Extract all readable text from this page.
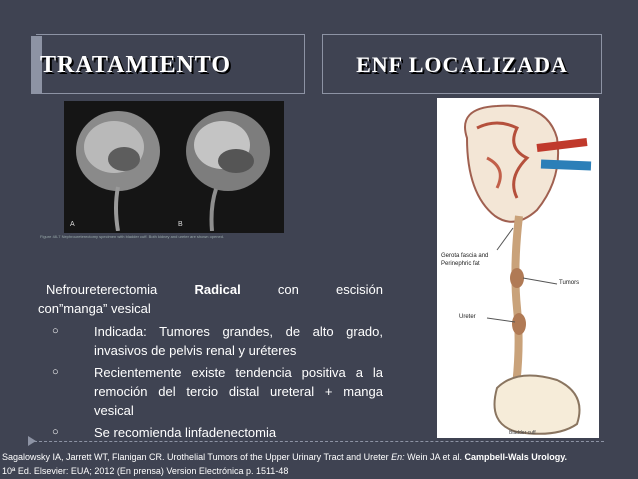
TRATAMIENTO	ENF LOCALIZADA
A	B
Figure 48-7 Nephroureterectomy specimen with bladder cuff. Both kidney and ureter are shown opened.
Gerota fascia and Perinephric fat
Tumors
Ureter
Bladder cuff
Nefroureterectomia	Radical	con	escisión
con”manga” vesical
○	Indicada: Tumores grandes, de alto grado, invasivos de pelvis renal y uréteres
○	Recientemente existe tendencia positiva a la remoción del tercio distal ureteral + manga vesical
○	Se recomienda linfadenectomia
Sagalowsky IA, Jarrett WT, Flanigan CR. Urothelial Tumors of the Upper Urinary Tract and Ureter En: Wein JA et al. Campbell-Wals Urology.
10ª Ed. Elsevier: EUA; 2012 (En prensa) Version Electrónica p. 1511-48
